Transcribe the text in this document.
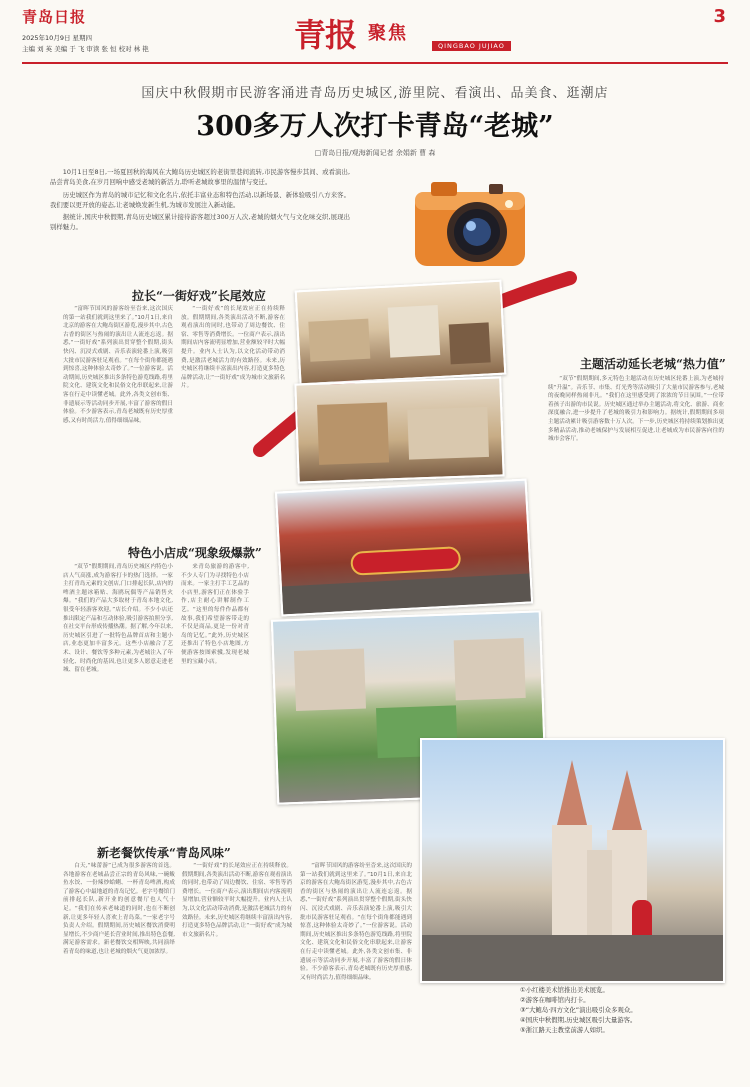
青岛日报
2025年10月9日 星期四
主编 刘 英 美编 于 飞 审读 张 恒 校对 林 艳	青报 聚焦
QINGBAO JUJIAO
3
国庆中秋假期市民游客涌进青岛历史城区,游里院、看演出、品美食、逛潮店
300多万人次打卡青岛“老城”
□青岛日报/观海新闻记者 余娟新 曹 森

10月1日至8日,一场夏回秋的海风在大鲍岛历史城区的老街里巷间流转,市民游客慢步其间、或看演出,品尝青岛美食,在岁月回响中感受老城的新活力,聆听老城故事里的温情与变迁。

历史城区作为青岛的城市记忆和文化名片,依托丰富业态和特色活动,以新场景、新体验吸引八方来客。我们要以更开放的姿态,让老城焕发新生机,为城市发展注入新动能。

据统计,国庆中秋假期,青岛历史城区累计接待游客超过300万人次,老城的烟火气与文化味交织,展现出别样魅力。

拉长“一街好戏”长尾效应
特色小店成“现象级爆款”
新老餐饮传承“青岛风味”
主题活动延长老城“热力值”

“富晖节国风的游客纷至沓来,这次国庆的第一站我们就到这里来了。”10月1日,来自北京的游客在大鲍岛街区游览,漫步其中,古色古香的街区与热闹的演出让人流连忘返。据悉,“一街好戏”系列演出贯穿整个假期,街头快闪、沉浸式戏剧、音乐表演轮番上演,吸引大批市民游客驻足观看。“在每个街角都能遇到惊喜,这种体验太奇妙了。”一位游客说。活动期间,历史城区推出多条特色游览线路,将里院文化、建筑文化和民俗文化串联起来,让游客在行走中读懂老城。此外,各类文创市集、非遗展示等活动同步开展,丰富了游客的假日体验。不少游客表示,青岛老城既有历史厚重感,又有时尚活力,值得细细品味。

“一街好戏”的长尾效应正在持续释放。假期期间,各类演出活动不断,游客在观看演出的同时,也带动了周边餐饮、住宿、零售等消费增长。一位商户表示,演出期间店内客流明显增加,营业额较平时大幅提升。业内人士认为,以文化活动带动消费,是激活老城活力的有效路径。未来,历史城区将继续丰富演出内容,打造更多特色品牌活动,让“一街好戏”成为城市文旅新名片。

“双节”假期期间,青岛历史城区内特色小店人气高涨,成为游客打卡的热门选择。一家主打青岛元素的文创店,门口排起长队,店内的啤酒主题冰箱贴、海鸥玩偶等产品销售火爆。“我们的产品大多取材于青岛本地文化,很受年轻游客欢迎。”店长介绍。不少小店还推出限定产品和互动体验,吸引游客拍照分享,在社交平台形成传播热潮。据了解,今年以来,历史城区引进了一批特色品牌首店和主题小店,业态更加丰富多元。这些小店融合了艺术、设计、餐饮等多种元素,为老城注入了年轻化、时尚化的基因,也让更多人愿意走进老城、留在老城。

来青岛旅游的游客中,不少人专门为寻找特色小店而来。一家主打手工艺品的小店里,游客们正在体验手作,店主耐心讲解制作工艺。“这里的每件作品都有故事,我们希望游客带走的不仅是商品,更是一份对青岛的记忆。”此外,历史城区还推出了特色小店地图,方便游客按图索骥,发现老城里的宝藏小店。

白天,“味蕾游”已成为很多游客的首选。各地游客在老城品尝正宗的青岛风味,一碗鲅鱼水饺、一份辣炒蛤蜊、一杯青岛啤酒,构成了游客心中最地道的青岛记忆。老字号餐馆门前排起长队,新开业的创意餐厅也人气十足。“我们在传承老味道的同时,也在不断创新,让更多年轻人喜欢上青岛菜。”一家老字号负责人介绍。假期期间,历史城区餐饮消费明显增长,不少商户延长营业时间,推出特色套餐,满足游客需求。新老餐饮交相辉映,共同演绎着青岛的味道,也让老城的烟火气更加浓厚。

“一街好戏”的长尾效应正在持续释放。假期期间,各类演出活动不断,游客在观看演出的同时,也带动了周边餐饮、住宿、零售等消费增长。一位商户表示,演出期间店内客流明显增加,营业额较平时大幅提升。业内人士认为,以文化活动带动消费,是激活老城活力的有效路径。未来,历史城区将继续丰富演出内容,打造更多特色品牌活动,让“一街好戏”成为城市文旅新名片。

“富晖节国风的游客纷至沓来,这次国庆的第一站我们就到这里来了。”10月1日,来自北京的游客在大鲍岛街区游览,漫步其中,古色古香的街区与热闹的演出让人流连忘返。据悉,“一街好戏”系列演出贯穿整个假期,街头快闪、沉浸式戏剧、音乐表演轮番上演,吸引大批市民游客驻足观看。“在每个街角都能遇到惊喜,这种体验太奇妙了。”一位游客说。活动期间,历史城区推出多条特色游览线路,将里院文化、建筑文化和民俗文化串联起来,让游客在行走中读懂老城。此外,各类文创市集、非遗展示等活动同步开展,丰富了游客的假日体验。不少游客表示,青岛老城既有历史厚重感,又有时尚活力,值得细细品味。

“双节”假期期间,多元特色主题活动在历史城区轮番上演,为老城持续“升温”。音乐节、市集、灯光秀等活动吸引了大量市民游客参与,老城的夜晚同样热闹非凡。“我们在这里感受到了浓浓的节日氛围。”一位带着孩子出游的市民说。历史城区通过举办主题活动,将文化、旅游、商业深度融合,进一步提升了老城的吸引力和影响力。据统计,假期期间多项主题活动累计吸引游客数十万人次。下一步,历史城区将持续策划推出更多精品活动,推动老城保护与发展相互促进,让老城成为市民游客向往的城市会客厅。

①小红楼美术馆推出美术展览。
②游客在咖啡馆内打卡。
③“大鲍岛·四方文化”演出吸引众多观众。
④国庆中秋假期,历史城区吸引大量游客。
⑤浙江路天主教堂前游人如织。
